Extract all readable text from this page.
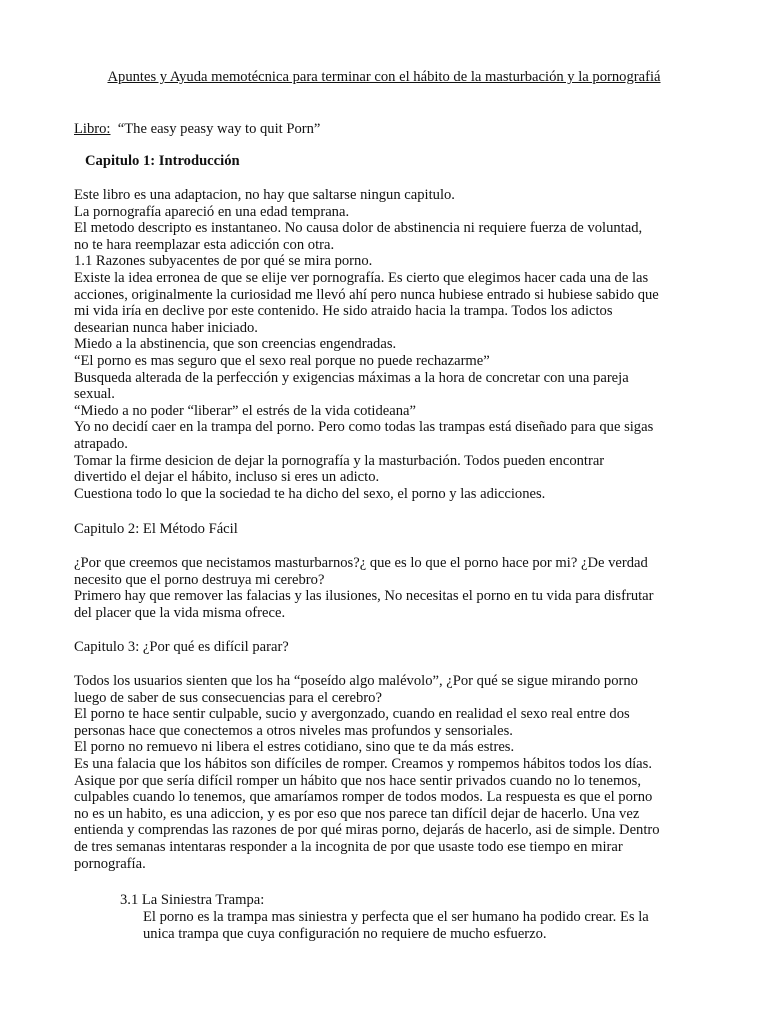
Apuntes y Ayuda memotécnica para terminar con el hábito de la masturbación y la pornografiá
Libro: “The easy peasy way to quit Porn”
Capitulo 1: Introducción

Este libro es una adaptacion, no hay que saltarse ningun capitulo.

La pornografía apareció en una edad temprana.

El metodo descripto es instantaneo. No causa dolor de abstinencia ni requiere fuerza de voluntad,

no te hara reemplazar esta adicción con otra.

1.1 Razones subyacentes de por qué se mira porno.

Existe la idea erronea de que se elije ver pornografía. Es cierto que elegimos hacer cada una de las

acciones, originalmente la curiosidad me llevó ahí pero nunca hubiese entrado si hubiese sabido que

mi vida iría en declive por este contenido. He sido atraido hacia la trampa. Todos los adictos

desearian nunca haber iniciado.

Miedo a la abstinencia, que son creencias engendradas.

“El porno es mas seguro que el sexo real porque no puede rechazarme”

Busqueda alterada de la perfección y exigencias máximas a la hora de concretar con una pareja

sexual.

“Miedo a no poder “liberar” el estrés de la vida cotideana”

Yo no decidí caer en la trampa del porno. Pero como todas las trampas está diseñado para que sigas

atrapado.

Tomar la firme desicion de dejar la pornografía y la masturbación. Todos pueden encontrar

divertido el dejar el hábito, incluso si eres un adicto.

Cuestiona todo lo que la sociedad te ha dicho del sexo, el porno y las adicciones.

Capitulo 2: El Método Fácil

¿Por que creemos que necistamos masturbarnos?¿ que es lo que el porno hace por mi? ¿De verdad

necesito que el porno destruya mi cerebro?

Primero hay que remover las falacias y las ilusiones, No necesitas el porno en tu vida para disfrutar

del placer que la vida misma ofrece.

Capitulo 3: ¿Por qué es difícil parar?

Todos los usuarios sienten que los ha “poseído algo malévolo”, ¿Por qué se sigue mirando porno

luego de saber de sus consecuencias para el cerebro?

El porno te hace sentir culpable, sucio y avergonzado, cuando en realidad el sexo real entre dos

personas hace que conectemos a otros niveles mas profundos y sensoriales.

El porno no remuevo ni libera el estres cotidiano, sino que te da más estres.

Es una falacia que los hábitos son difíciles de romper. Creamos y rompemos hábitos todos los días.

Asique por que sería difícil romper un hábito que nos hace sentir privados cuando no lo tenemos,

culpables cuando lo tenemos, que amaríamos romper de todos modos. La respuesta es que el porno

no es un habito, es una adiccion, y es por eso que nos parece tan difícil dejar de hacerlo. Una vez

entienda y comprendas las razones de por qué miras porno, dejarás de hacerlo, asi de simple. Dentro

de tres semanas intentaras responder a la incognita de por que usaste todo ese tiempo en mirar

pornografía.

3.1 La Siniestra Trampa:

El porno es la trampa mas siniestra y perfecta que el ser humano ha podido crear. Es la

unica trampa que cuya configuración no requiere de mucho esfuerzo.
